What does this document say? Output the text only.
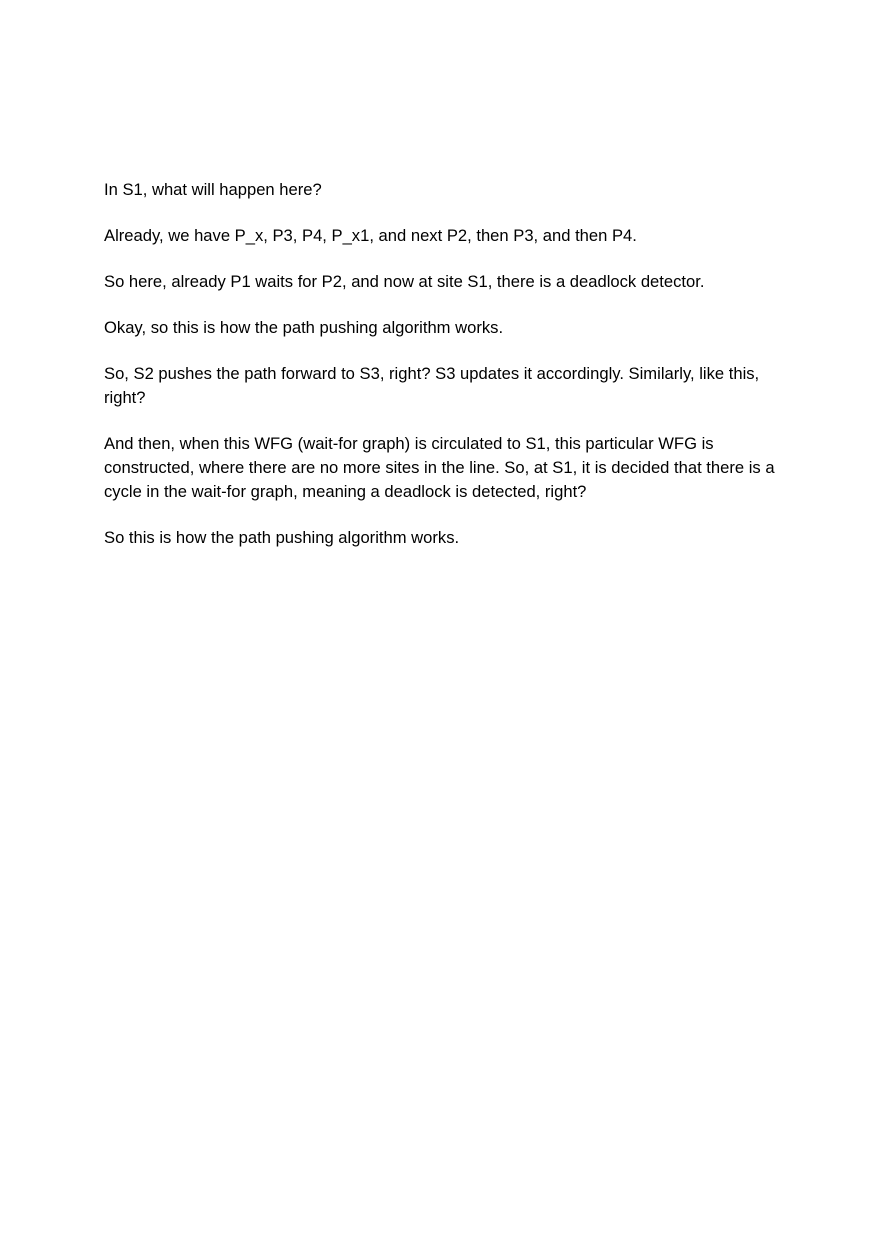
In S1, what will happen here?

Already, we have P_x, P3, P4, P_x1, and next P2, then P3, and then P4.

So here, already P1 waits for P2, and now at site S1, there is a deadlock detector.

Okay, so this is how the path pushing algorithm works.

So, S2 pushes the path forward to S3, right? S3 updates it accordingly. Similarly, like this, right?

And then, when this WFG (wait-for graph) is circulated to S1, this particular WFG is constructed, where there are no more sites in the line. So, at S1, it is decided that there is a cycle in the wait-for graph, meaning a deadlock is detected, right?

So this is how the path pushing algorithm works.
